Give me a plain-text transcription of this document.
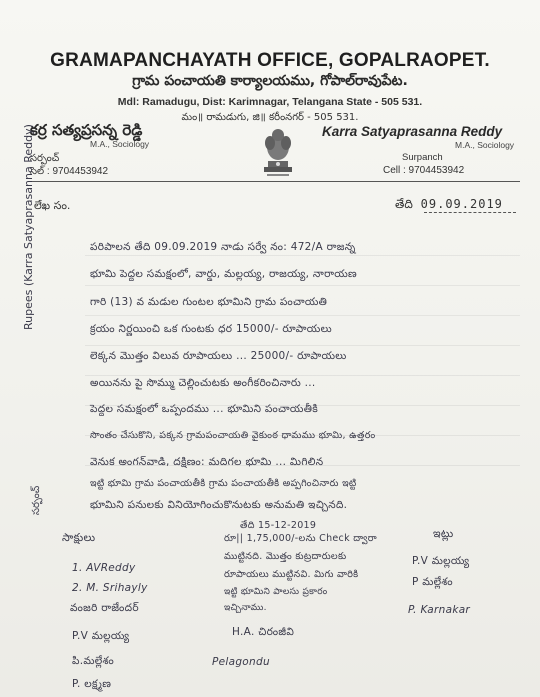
GRAMAPANCHAYATH OFFICE, GOPALRAOPET.
గ్రామ పంచాయతి కార్యాలయము, గోపాల్‌రావుపేట.
Mdl: Ramadugu, Dist: Karimnagar, Telangana State - 505 531.
మం॥ రామడుగు, జి॥ కరీంనగర్ - 505 531.
కర్ర సత్యప్రసన్న రెడ్డి
M.A., Sociology
సర్పంచ్
సెల్ : 9704453942
Karra Satyaprasanna Reddy
M.A., Sociology
Surpanch
Cell : 9704453942
లేఖ సం.	తేది 09.09.2019
పరిపాలన తేది 09.09.2019 నాడు సర్వే నం: 472/A రాజన్న
భూమి పెద్దల సమక్షంలో, వార్డు, మల్లయ్య, రాజయ్య, నారాయణ
గారి (13) వ మడుల గుంటల భూమిని గ్రామ పంచాయతి
క్రయం నిర్ణయించి ఒక గుంటకు ధర 15000/- రూపాయలు
లెక్కన మొత్తం విలువ రూపాయలు ... 25000/- రూపాయలు
అయినను పై సొమ్ము చెల్లించుటకు అంగీకరించినారు ...
పెద్దల సమక్షంలో ఒప్పందము ... భూమిని పంచాయతీకి
సొంతం చేసుకొని, పక్కన గ్రామపంచాయతి వైకుంఠ ధామము భూమి, ఉత్తరం
వెనుక అంగన్‌వాడి, దక్షిణం: మదిగల భూమి ... మిగిలిన
ఇట్టి భూమి గ్రామ పంచాయతీకి గ్రామ పంచాయతీకి అప్పగించినారు ఇట్టి
భూమిని పనులకు వినియోగించుకొనుటకు అనుమతి ఇచ్చినది.
Rupees (Karra Satyaprasanna Reddy)
సర్పంచ్
తేది 15-12-2019
రూ|| 1,75,000/-లను Check ద్వారా
ముట్టినది. మొత్తం కుట్రదారులకు
రూపాయలు ముట్టినవి. మిగు వారికి
ఇట్టి భూమిని పాలసు ప్రకారం
ఇచ్చినాము.
H.A. చిరంజీవి
Pelagondu
సాక్షులు
1. AVReddy
2. M. Srihayly
వంజరి రాజేందర్
P.V మల్లయ్య
పి.మల్లేశం
P. లక్ష్మణ
ఇట్లు
P.V మల్లయ్య
P మల్లేశం
P. Karnakar
